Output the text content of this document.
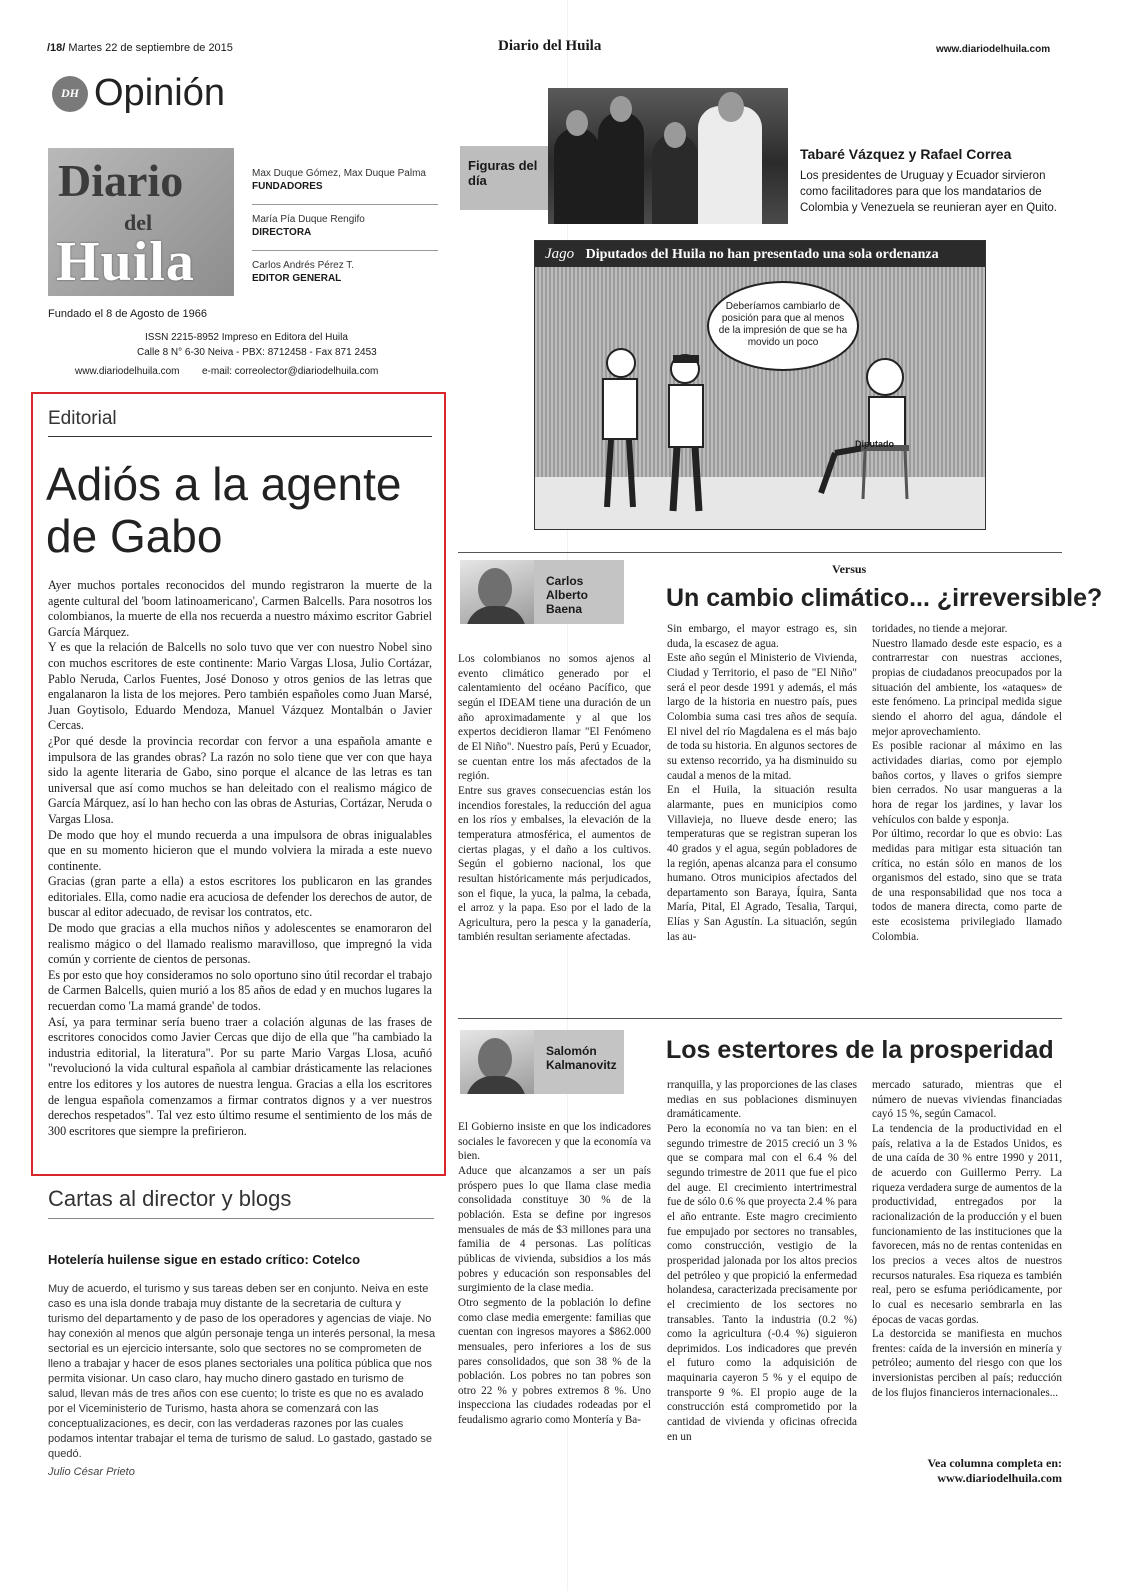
/18/ Martes 22 de septiembre de 2015	Diario del Huila	www.diariodelhuila.com
DH Opinión
Diario
del
Huila
Max Duque Gómez, Max Duque Palma
FUNDADORES
María Pía Duque Rengifo
DIRECTORA
Carlos Andrés Pérez T.
EDITOR GENERAL
Fundado el 8 de Agosto de 1966
ISSN 2215-8952 Impreso en Editora del Huila
Calle 8 N° 6-30 Neiva - PBX: 8712458 - Fax 871 2453
www.diariodelhuila.com e-mail: correolector@diariodelhuila.com
Figuras del día
Tabaré Vázquez y Rafael Correa
Los presidentes de Uruguay y Ecuador sirvieron como facilitadores para que los mandatarios de Colombia y Venezuela se reunieran ayer en Quito.
Jago Diputados del Huila no han presentado una sola ordenanza
Deberíamos cambiarlo de posición para que al menos de la impresión de que se ha movido un poco
Diputado
Editorial
Adiós a la agente de Gabo

Ayer muchos portales reconocidos del mundo registraron la muerte de la agente cultural del 'boom latinoamericano', Carmen Balcells. Para nosotros los colombianos, la muerte de ella nos recuerda a nuestro máximo escritor Gabriel García Márquez.

Y es que la relación de Balcells no solo tuvo que ver con nuestro Nobel sino con muchos escritores de este continente: Mario Vargas Llosa, Julio Cortázar, Pablo Neruda, Carlos Fuentes, José Donoso y otros genios de las letras que engalanaron la lista de los mejores. Pero también españoles como Juan Marsé, Juan Goytisolo, Eduardo Mendoza, Manuel Vázquez Montalbán o Javier Cercas.

¿Por qué desde la provincia recordar con fervor a una española amante e impulsora de las grandes obras? La razón no solo tiene que ver con que haya sido la agente literaria de Gabo, sino porque el alcance de las letras es tan universal que así como muchos se han deleitado con el realismo mágico de García Márquez, así lo han hecho con las obras de Asturias, Cortázar, Neruda o Vargas Llosa.

De modo que hoy el mundo recuerda a una impulsora de obras inigualables que en su momento hicieron que el mundo volviera la mirada a este nuevo continente.

Gracias (gran parte a ella) a estos escritores los publicaron en las grandes editoriales. Ella, como nadie era acuciosa de defender los derechos de autor, de buscar al editor adecuado, de revisar los contratos, etc.

De modo que gracias a ella muchos niños y adolescentes se enamoraron del realismo mágico o del llamado realismo maravilloso, que impregnó la vida común y corriente de cientos de personas.

Es por esto que hoy consideramos no solo oportuno sino útil recordar el trabajo de Carmen Balcells, quien murió a los 85 años de edad y en muchos lugares la recuerdan como 'La mamá grande' de todos.

Así, ya para terminar sería bueno traer a colación algunas de las frases de escritores conocidos como Javier Cercas que dijo de ella que "ha cambiado la industria editorial, la literatura". Por su parte Mario Vargas Llosa, acuñó "revolucionó la vida cultural española al cambiar drásticamente las relaciones entre los editores y los autores de nuestra lengua. Gracias a ella los escritores de lengua española comenzamos a firmar contratos dignos y a ver nuestros derechos respetados". Tal vez esto último resume el sentimiento de los más de 300 escritores que siempre la prefirieron.

Cartas al director y blogs
Hotelería huilense sigue en estado crítico: Cotelco
Muy de acuerdo, el turismo y sus tareas deben ser en conjunto. Neiva en este caso es una isla donde trabaja muy distante de la secretaria de cultura y turismo del departamento y de paso de los operadores y agencias de viaje. No hay conexión al menos que algún personaje tenga un interés personal, la mesa sectorial es un ejercicio intersante, solo que sectores no se comprometen de lleno a trabajar y hacer de esos planes sectoriales una política pública que nos permita visionar. Un caso claro, hay mucho dinero gastado en turismo de salud, llevan más de tres años con ese cuento; lo triste es que no es avalado por el Viceministerio de Turismo, hasta ahora se comenzará con las conceptualizaciones, es decir, con las verdaderas razones por las cuales podamos intentar trabajar el tema de turismo de salud. Lo gastado, gastado se quedó.
Julio César Prieto
Versus
Carlos Alberto Baena	Un cambio climático... ¿irreversible?

Los colombianos no somos ajenos al evento climático generado por el calentamiento del océano Pacífico, que según el IDEAM tiene una duración de un año aproximadamente y al que los expertos decidieron llamar "El Fenómeno de El Niño". Nuestro país, Perú y Ecuador, se cuentan entre los más afectados de la región.

Entre sus graves consecuencias están los incendios forestales, la reducción del agua en los ríos y embalses, la elevación de la temperatura atmosférica, el aumentos de ciertas plagas, y el daño a los cultivos. Según el gobierno nacional, los que resultan históricamente más perjudicados, son el fique, la yuca, la palma, la cebada, el arroz y la papa. Eso por el lado de la Agricultura, pero la pesca y la ganadería, también resultan seriamente afectadas.

Sin embargo, el mayor estrago es, sin duda, la escasez de agua.

Este año según el Ministerio de Vivienda, Ciudad y Territorio, el paso de "El Niño" será el peor desde 1991 y además, el más largo de la historia en nuestro país, pues Colombia suma casi tres años de sequía. El nivel del río Magdalena es el más bajo de toda su historia. En algunos sectores de su extenso recorrido, ya ha disminuido su caudal a menos de la mitad.

En el Huila, la situación resulta alarmante, pues en municipios como Villavieja, no llueve desde enero; las temperaturas que se registran superan los 40 grados y el agua, según pobladores de la región, apenas alcanza para el consumo humano. Otros municipios afectados del departamento son Baraya, Íquira, Santa María, Pital, El Agrado, Tesalia, Tarqui, Elías y San Agustín. La situación, según las au-

toridades, no tiende a mejorar.

Nuestro llamado desde este espacio, es a contrarrestar con nuestras acciones, propias de ciudadanos preocupados por la situación del ambiente, los «ataques» de este fenómeno. La principal medida sigue siendo el ahorro del agua, dándole el mejor aprovechamiento.

Es posible racionar al máximo en las actividades diarias, como por ejemplo baños cortos, y llaves o grifos siempre bien cerrados. No usar mangueras a la hora de regar los jardines, y lavar los vehículos con balde y esponja.

Por último, recordar lo que es obvio: Las medidas para mitigar esta situación tan crítica, no están sólo en manos de los organismos del estado, sino que se trata de una responsabilidad que nos toca a todos de manera directa, como parte de este ecosistema privilegiado llamado Colombia.

Salomón Kalmanovitz
Los estertores de la prosperidad

El Gobierno insiste en que los indicadores sociales le favorecen y que la economía va bien.

Aduce que alcanzamos a ser un país próspero pues lo que llama clase media consolidada constituye 30 % de la población. Esta se define por ingresos mensuales de más de $3 millones para una familia de 4 personas. Las políticas públicas de vivienda, subsidios a los más pobres y educación son responsables del surgimiento de la clase media.

Otro segmento de la población lo define como clase media emergente: familias que cuentan con ingresos mayores a $862.000 mensuales, pero inferiores a los de sus pares consolidados, que son 38 % de la población. Los pobres no tan pobres son otro 22 % y pobres extremos 8 %. Uno inspecciona las ciudades rodeadas por el feudalismo agrario como Montería y Ba-

rranquilla, y las proporciones de las clases medias en sus poblaciones disminuyen dramáticamente.

Pero la economía no va tan bien: en el segundo trimestre de 2015 creció un 3 % que se compara mal con el 6.4 % del segundo trimestre de 2011 que fue el pico del auge. El crecimiento intertrimestral fue de sólo 0.6 % que proyecta 2.4 % para el año entrante. Este magro crecimiento fue empujado por sectores no transables, como construcción, vestigio de la prosperidad jalonada por los altos precios del petróleo y que propició la enfermedad holandesa, caracterizada precisamente por el crecimiento de los sectores no transables. Tanto la industria (0.2 %) como la agricultura (-0.4 %) siguieron deprimidos. Los indicadores que prevén el futuro como la adquisición de maquinaria cayeron 5 % y el equipo de transporte 9 %. El propio auge de la construcción está comprometido por la cantidad de vivienda y oficinas ofrecida en un

mercado saturado, mientras que el número de nuevas viviendas financiadas cayó 15 %, según Camacol.

La tendencia de la productividad en el país, relativa a la de Estados Unidos, es de una caída de 30 % entre 1990 y 2011, de acuerdo con Guillermo Perry. La riqueza verdadera surge de aumentos de la productividad, entregados por la racionalización de la producción y el buen funcionamiento de las instituciones que la favorecen, más no de rentas contenidas en los precios a veces altos de nuestros recursos naturales. Esa riqueza es también real, pero se esfuma periódicamente, por lo cual es necesario sembrarla en las épocas de vacas gordas.

La destorcida se manifiesta en muchos frentes: caída de la inversión en minería y petróleo; aumento del riesgo con que los inversionistas perciben al país; reducción de los flujos financieros internacionales...

Vea columna completa en:
www.diariodelhuila.com
